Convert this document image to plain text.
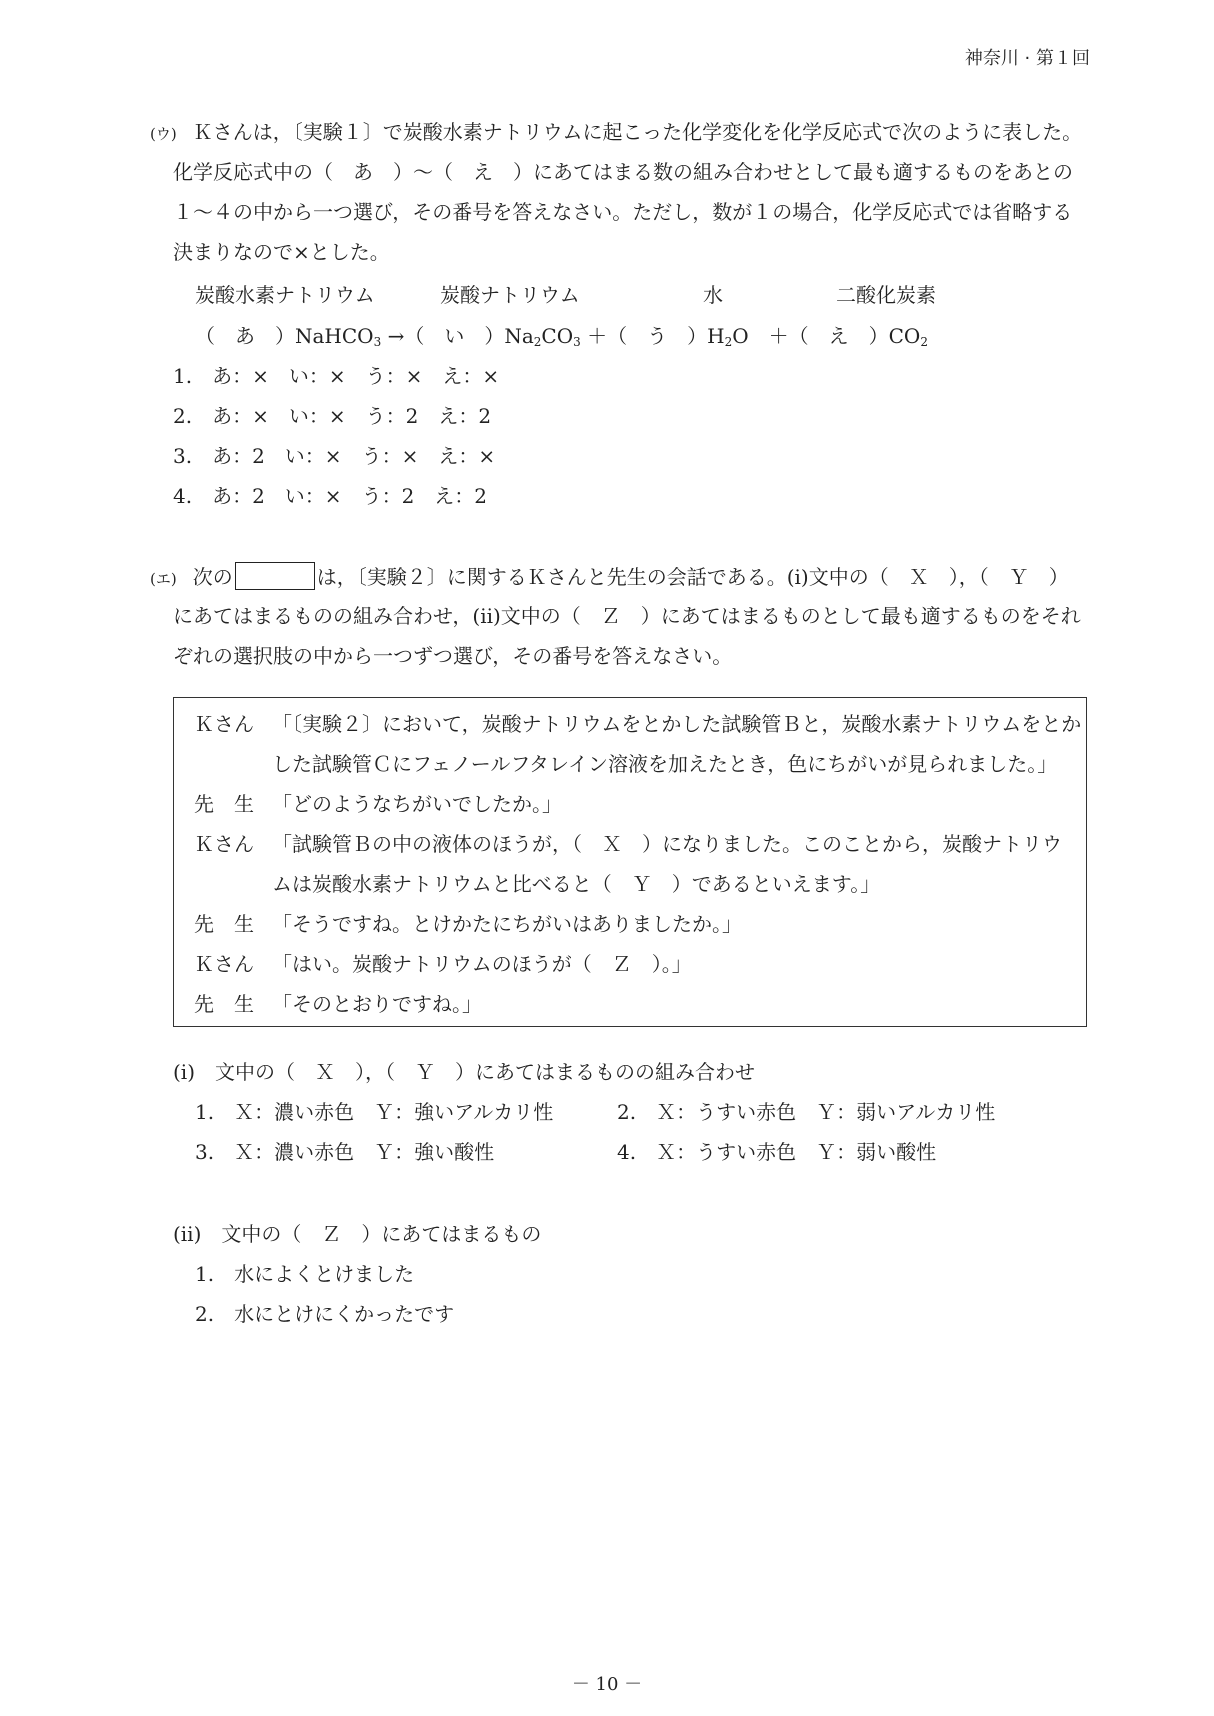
神奈川 · 第１回
(ウ) Ｋさんは，〔実験１〕で炭酸水素ナトリウムに起こった化学変化を化学反応式で次のように表した。
化学反応式中の（　あ　）〜（　え　）にあてはまる数の組み合わせとして最も適するものをあとの
１〜４の中から一つ選び，その番号を答えなさい。ただし，数が１の場合，化学反応式では省略する
決まりなので×とした。
炭酸水素ナトリウム	炭酸ナトリウム	水	二酸化炭素
（　あ　）NaHCO$_3$ →（　い　）$Na_2CO_3$ ＋（　う　）$H_2O$　＋（　え　）$CO_2$
1.　あ：×　い：×　う：×　え：×
2.　あ：×　い：×　う：2　え：2
3.　あ：2　い：×　う：×　え：×
4.　あ：2　い：×　う：2　え：2
(エ) 次の	は，〔実験２〕に関するＫさんと先生の会話である。(ⅰ)文中の（　Ｘ　），（　Ｙ　）
にあてはまるものの組み合わせ，(ⅱ)文中の（　Ｚ　）にあてはまるものとして最も適するものをそれ
ぞれの選択肢の中から一つずつ選び，その番号を答えなさい。
Ｋさん 「〔実験２〕において，炭酸ナトリウムをとかした試験管Ｂと，炭酸水素ナトリウムをとか
した試験管Ｃにフェノールフタレイン溶液を加えたとき，色にちがいが見られました。」
先　生 「どのようなちがいでしたか。」
Ｋさん 「試験管Ｂの中の液体のほうが，（　Ｘ　）になりました。このことから，炭酸ナトリウ
ムは炭酸水素ナトリウムと比べると（　Ｙ　）であるといえます。」
先　生 「そうですね。とけかたにちがいはありましたか。」
Ｋさん 「はい。炭酸ナトリウムのほうが（　Ｚ　）。」
先　生 「そのとおりですね。」
(ⅰ)　文中の（　Ｘ　），（　Ｙ　）にあてはまるものの組み合わせ
1.　Ｘ：濃い赤色　Ｙ：強いアルカリ性	2.　Ｘ：うすい赤色　Ｙ：弱いアルカリ性
3.　Ｘ：濃い赤色　Ｙ：強い酸性	4.　Ｘ：うすい赤色　Ｙ：弱い酸性
(ⅱ)　文中の（　Ｚ　）にあてはまるもの
1.　水によくとけました
2.　水にとけにくかったです
－ 10 －
